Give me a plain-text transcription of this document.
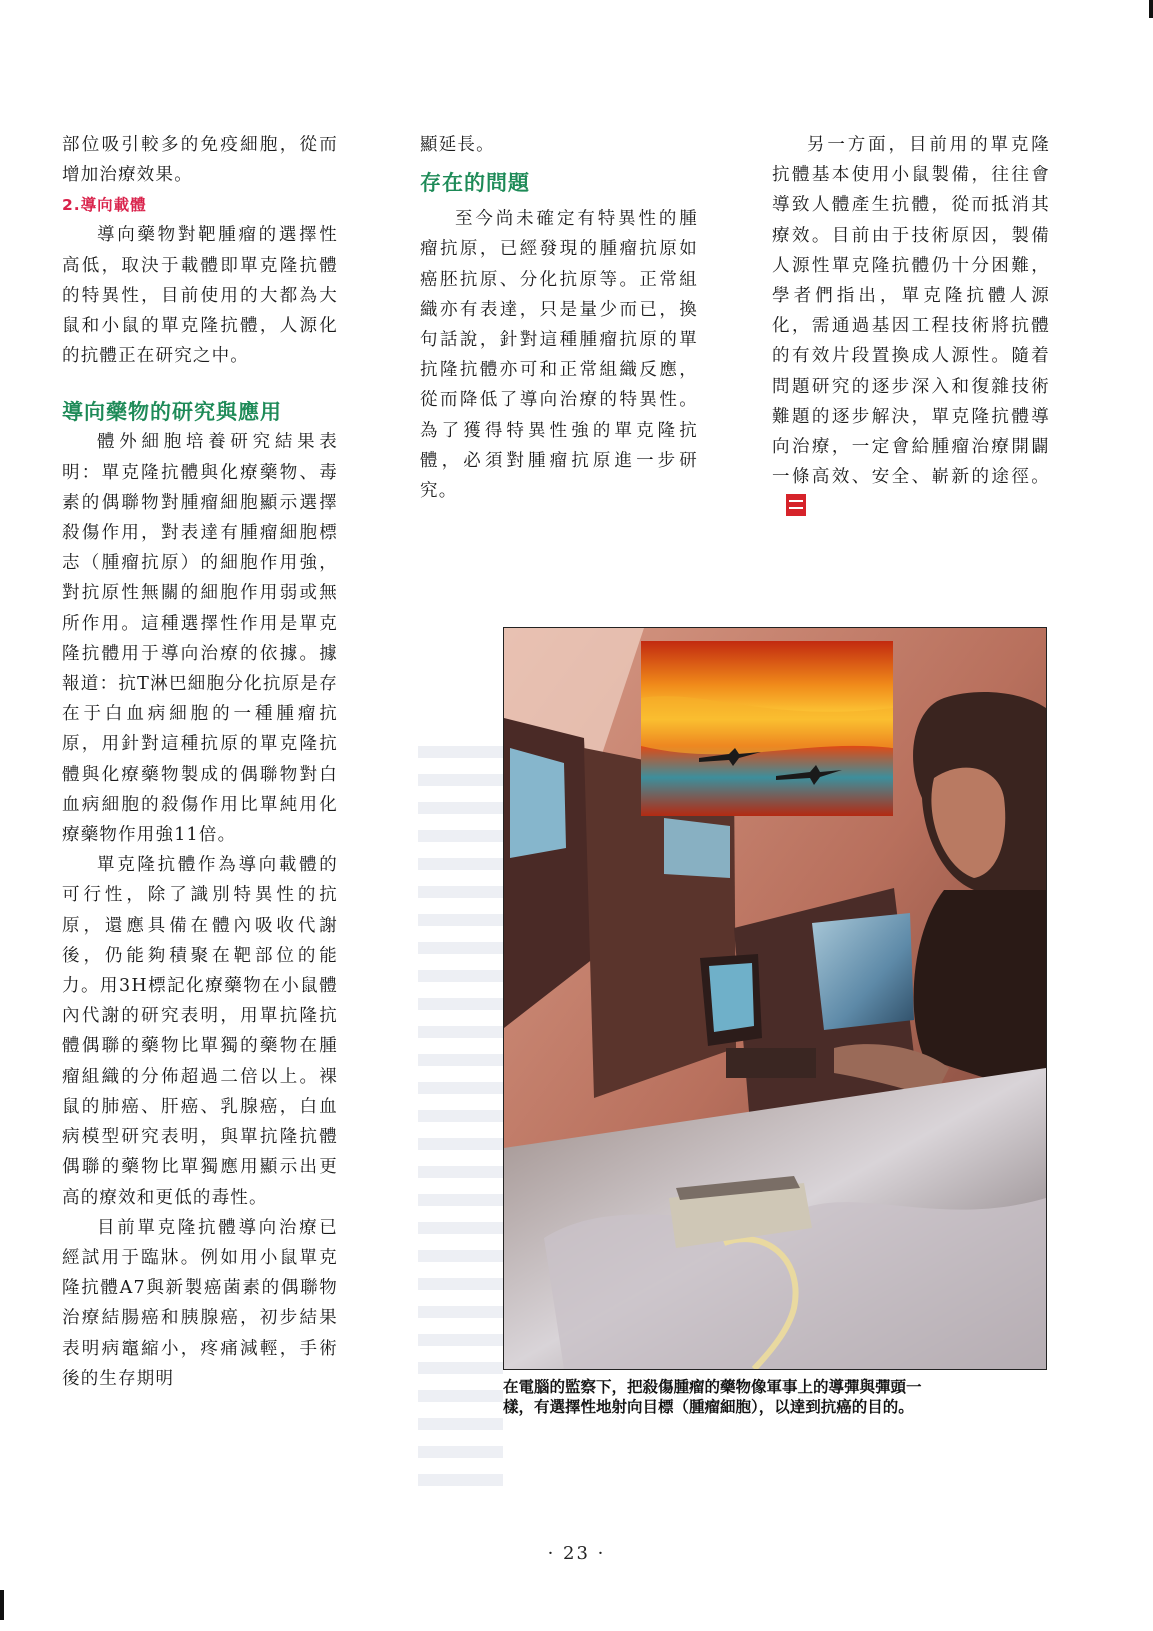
部位吸引較多的免疫細胞，從而增加治療效果。

2.導向載體

導向藥物對靶腫瘤的選擇性高低，取決于載體即單克隆抗體的特異性，目前使用的大都為大鼠和小鼠的單克隆抗體，人源化的抗體正在研究之中。

導向藥物的研究與應用

體外細胞培養研究結果表明：單克隆抗體與化療藥物、毒素的偶聯物對腫瘤細胞顯示選擇殺傷作用，對表達有腫瘤細胞標志（腫瘤抗原）的細胞作用強，對抗原性無關的細胞作用弱或無所作用。這種選擇性作用是單克隆抗體用于導向治療的依據。據報道：抗T淋巴細胞分化抗原是存在于白血病細胞的一種腫瘤抗原，用針對這種抗原的單克隆抗體與化療藥物製成的偶聯物對白血病細胞的殺傷作用比單純用化療藥物作用強11倍。

單克隆抗體作為導向載體的可行性，除了識別特異性的抗原，還應具備在體內吸收代謝後，仍能夠積聚在靶部位的能力。用3H標記化療藥物在小鼠體內代謝的研究表明，用單抗隆抗體偶聯的藥物比單獨的藥物在腫瘤組織的分佈超過二倍以上。裸鼠的肺癌、肝癌、乳腺癌，白血病模型研究表明，與單抗隆抗體偶聯的藥物比單獨應用顯示出更高的療效和更低的毒性。

目前單克隆抗體導向治療已經試用于臨牀。例如用小鼠單克隆抗體A7與新製癌菌素的偶聯物治療結腸癌和胰腺癌，初步結果表明病竈縮小，疼痛減輕，手術後的生存期明

顯延長。

存在的問題

至今尚未確定有特異性的腫瘤抗原，已經發現的腫瘤抗原如癌胚抗原、分化抗原等。正常組織亦有表達，只是量少而已，換句話說，針對這種腫瘤抗原的單抗隆抗體亦可和正常組織反應，從而降低了導向治療的特異性。為了獲得特異性強的單克隆抗體，必須對腫瘤抗原進一步研究。

另一方面，目前用的單克隆抗體基本使用小鼠製備，往往會導致人體產生抗體，從而抵消其療效。目前由于技術原因，製備人源性單克隆抗體仍十分困難，學者們指出，單克隆抗體人源化，需通過基因工程技術將抗體的有效片段置換成人源性。隨着問題研究的逐步深入和復雜技術難題的逐步解決，單克隆抗體導向治療，一定會給腫瘤治療開闢一條高效、安全、嶄新的途徑。

在電腦的監察下，把殺傷腫瘤的藥物像軍事上的導彈與彈頭一樣，有選擇性地射向目標（腫瘤細胞），以達到抗癌的目的。
· 23 ·
